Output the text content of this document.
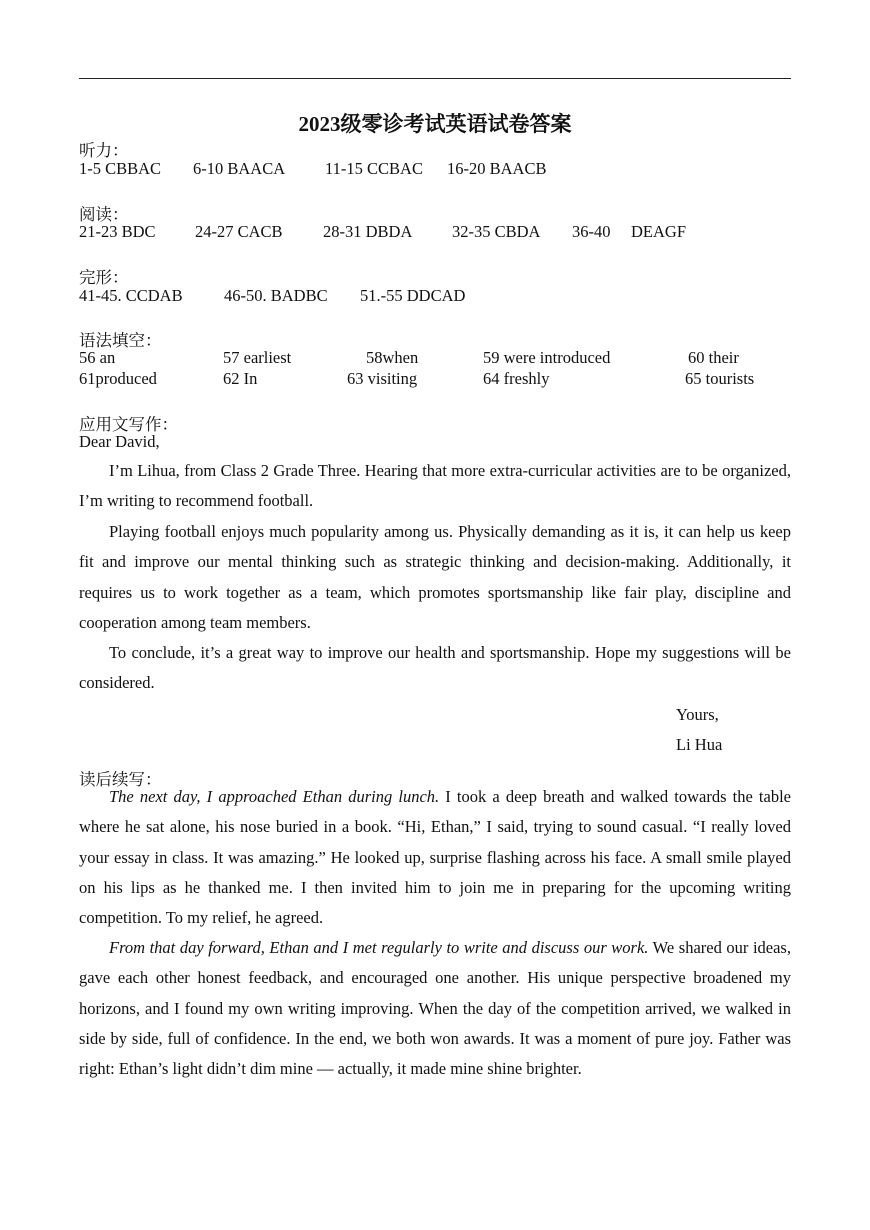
2023级零诊考试英语试卷答案
听力：
1-5 CBBAC 6-10 BAACA 11-15 CCBAC 16-20 BAACB
阅读：
21-23 BDC 24-27 CACB 28-31 DBDA 32-35 CBDA 36-40 DEAGF
完形：
41-45. CCDAB	46-50. BADBC 51.-55 DDCAD
语法填空：
56 an	57 earliest	58when	59 were introduced	60 their
61produced	62 In	63 visiting	64 freshly	65 tourists
应用文写作：
Dear David,
I’m Lihua, from Class 2 Grade Three. Hearing that more extra-curricular activities are to be organized, I’m writing to recommend football.
Playing football enjoys much popularity among us. Physically demanding as it is, it can help us keep fit and improve our mental thinking such as strategic thinking and decision-making. Additionally, it requires us to work together as a team, which promotes sportsmanship like fair play, discipline and cooperation among team members.
To conclude, it’s a great way to improve our health and sportsmanship. Hope my suggestions will be considered.
Yours,
Li Hua
读后续写：
The next day, I approached Ethan during lunch. I took a deep breath and walked towards the table where he sat alone, his nose buried in a book. “Hi, Ethan,” I said, trying to sound casual. “I really loved your essay in class. It was amazing.” He looked up, surprise flashing across his face. A small smile played on his lips as he thanked me. I then invited him to join me in preparing for the upcoming writing competition. To my relief, he agreed.
From that day forward, Ethan and I met regularly to write and discuss our work. We shared our ideas, gave each other honest feedback, and encouraged one another. His unique perspective broadened my horizons, and I found my own writing improving. When the day of the competition arrived, we walked in side by side, full of confidence. In the end, we both won awards. It was a moment of pure joy. Father was right: Ethan’s light didn’t dim mine — actually, it made mine shine brighter.
